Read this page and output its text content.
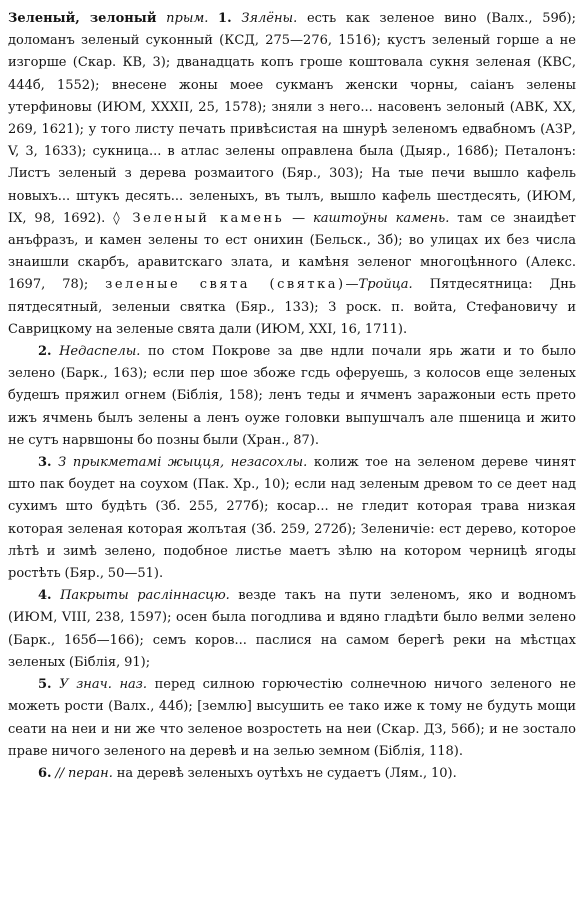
Зеленый, зелоный прым. 1. Зялёны. есть как зеленое вино (Валх., 59б); доломанъ зеленый суконный (КСД, 275—276, 1516); кустъ зеленый горше а не изгорше (Скар. КВ, 3); дванадцать копъ гроше коштовала сукня зеленая (КВС, 444б, 1552); внесене жоны моее сукманъ женски чорны, саiанъ зелены утерфиновы (ИЮМ, XXXII, 25, 1578); зняли з него... насовенъ зелоный (АВК, XX, 269, 1621); у того листу печать привѣсистая на шнурѣ зеленомъ едвабномъ (АЗР, V, 3, 1633); сукница... в атлас зелены оправлена была (Дыяр., 168б); Петалонъ: Листъ зеленый з дерева розмаитого (Бяр., 303); На тые печи вышло кафель новыхъ... штукъ десять... зеленыхъ, въ тылъ, вышло кафель шестдесять, (ИЮМ, IX, 98, 1692). ◊ Зеленый камень — каштоўны камень. там се знаидѣет анъфразъ, и камен зелены то ест онихин (Бельск., 3б); во улицах их без числа знаишли скарбъ, аравитскаго злата, и камѣня зеленог многоцѣнного (Алекс. 1697, 78); зеленые свята (святка)—Тройца. Пятдесятница: Днь пятдесятный, зеленыи святка (Бяр., 133); З роск. п. войта, Стефановичу и Саврицкому на зеленые свята дали (ИЮМ, XXI, 16, 1711).

2. Недаспелы. по стом Покрове за две ндли почали ярь жати и то было зелено (Барк., 163); если пер шое збоже гсдь оферуешь, з колосов еще зеленых будешъ пряжил огнем (Біблія, 158); ленъ теды и ячменъ заражоныи есть прето ижъ ячмень былъ зелены а ленъ оуже головки выпушчалъ але пшеница и жито не сутъ нарвшоны бо позны были (Хран., 87).

3. З прыкметамі жыцця, незасохлы. колиж тое на зеленом дереве чинят што пак боудет на соухом (Пак. Хр., 10); если над зеленым древом то се деет над сухимъ што будѣть (Зб. 255, 277б); косар... не гледит которая трава низкая которая зеленая которая жолътая (Зб. 259, 272б); Зеленичіе: ест дерево, которое лѣтѣ и зимѣ зелено, подобное листье маетъ зѣлю на котором черницѣ ягоды ростѣть (Бяр., 50—51).

4. Пакрыты раслiннасцю. везде такъ на пути зеленомъ, яко и водномъ (ИЮМ, VIII, 238, 1597); осен была погодлива и вдяно гладѣти было велми зелено (Барк., 165б—166); семъ коров... паслися на самом берегѣ реки на мѣстцах зеленых (Біблія, 91);

5. У знач. наз. перед силною горючестію солнечною ничого зеленого не можеть рости (Валх., 44б); [землю] высушить ее тако иже к тому не будуть мощи сеати на неи и ни же что зеленое возростеть на неи (Скар. ДЗ, 56б); и не зостало праве ничого зеленого на деревѣ и на зелью земном (Біблія, 118).

6. // перан. на деревѣ зеленыхъ оутѣхъ не судаетъ (Лям., 10).
